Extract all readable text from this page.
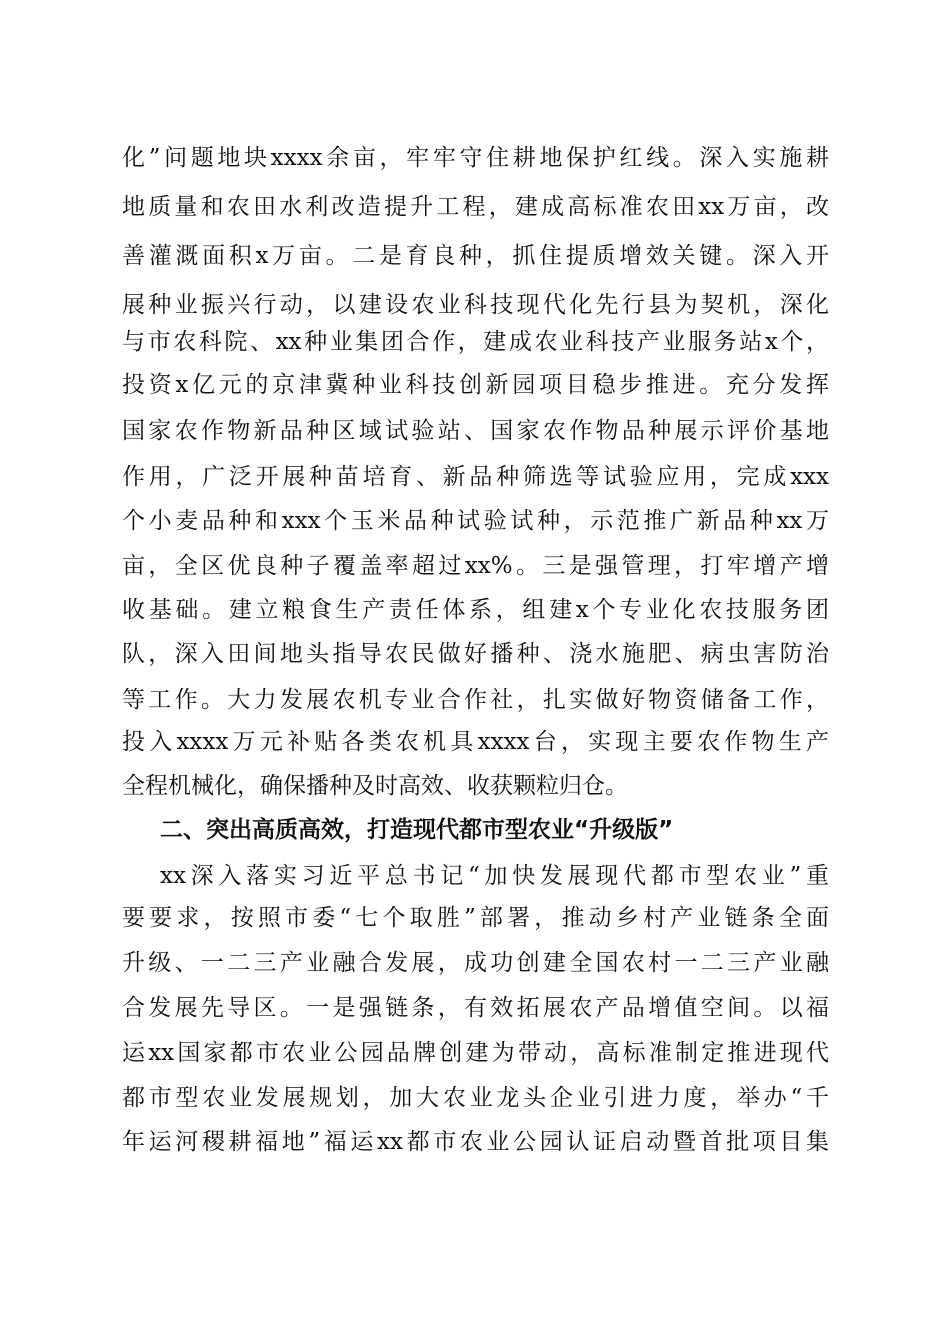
化”问题地块xxxx余亩，牢牢守住耕地保护红线。深入实施耕
地质量和农田水利改造提升工程，建成高标准农田xx万亩，改
善灌溉面积x万亩。二是育良种，抓住提质增效关键。深入开
展种业振兴行动，以建设农业科技现代化先行县为契机，深化
与市农科院、xx种业集团合作，建成农业科技产业服务站x个，
投资x亿元的京津冀种业科技创新园项目稳步推进。充分发挥
国家农作物新品种区域试验站、国家农作物品种展示评价基地
作用，广泛开展种苗培育、新品种筛选等试验应用，完成xxx
个小麦品种和xxx个玉米品种试验试种，示范推广新品种xx万
亩，全区优良种子覆盖率超过xx%。三是强管理，打牢增产增
收基础。建立粮食生产责任体系，组建x个专业化农技服务团
队，深入田间地头指导农民做好播种、浇水施肥、病虫害防治
等工作。大力发展农机专业合作社，扎实做好物资储备工作，
投入xxxx万元补贴各类农机具xxxx台，实现主要农作物生产
全程机械化，确保播种及时高效、收获颗粒归仓。
二、突出高质高效，打造现代都市型农业“升级版”
xx深入落实习近平总书记“加快发展现代都市型农业”重
要要求，按照市委“七个取胜”部署，推动乡村产业链条全面
升级、一二三产业融合发展，成功创建全国农村一二三产业融
合发展先导区。一是强链条，有效拓展农产品增值空间。以福
运xx国家都市农业公园品牌创建为带动，高标准制定推进现代
都市型农业发展规划，加大农业龙头企业引进力度，举办“千
年运河稷耕福地”福运xx都市农业公园认证启动暨首批项目集
